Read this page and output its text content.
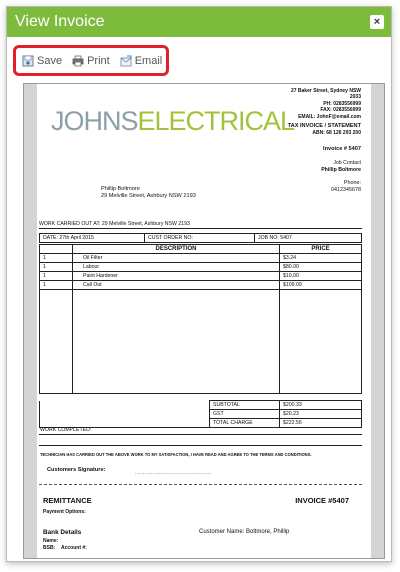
View Invoice	×
Save Print Email
JOHNSELECTRICAL
27 Baker Street, Sydney NSW
2033
PH: 0283556999
FAX: 0283556999
EMAIL: JohnF@email.com
TAX INVOICE / STATEMENT
ABN: 68 126 293 200
Invoice # 5407
Job Contact
Phillip Boltmore
Phone:
0412345678
Phillip Boltmore
29 Melville Street, Ashbury NSW 2193
WORK CARRIED OUT AT: 29 Melville Street, Ashbury NSW 2193
DATE: 27th April 2015	CUST ORDER NO:	JOB NO: 5407
	DESCRIPTION	PRICE
1	Oil Filter	$3.24
1	Labour	$80.00
1	Paint Hardener	$10.00
1	Call Out	$109.09

	SUBTOTAL	$200.33
	GST	$20.23
	TOTAL CHARGE	$222.56
WORK COMPLETED:
TECHNICIAN HAS CARRIED OUT THE ABOVE WORK TO MY SATISFACTION, I HAVE READ AND AGREE TO THE TERMS AND CONDITIONS.
Customers Signature:	................................................
REMITTANCE	INVOICE #5407
Payment Options:
Bank Details
Name:
BSB: Account #:
Customer Name: Boltmore, Phillip
